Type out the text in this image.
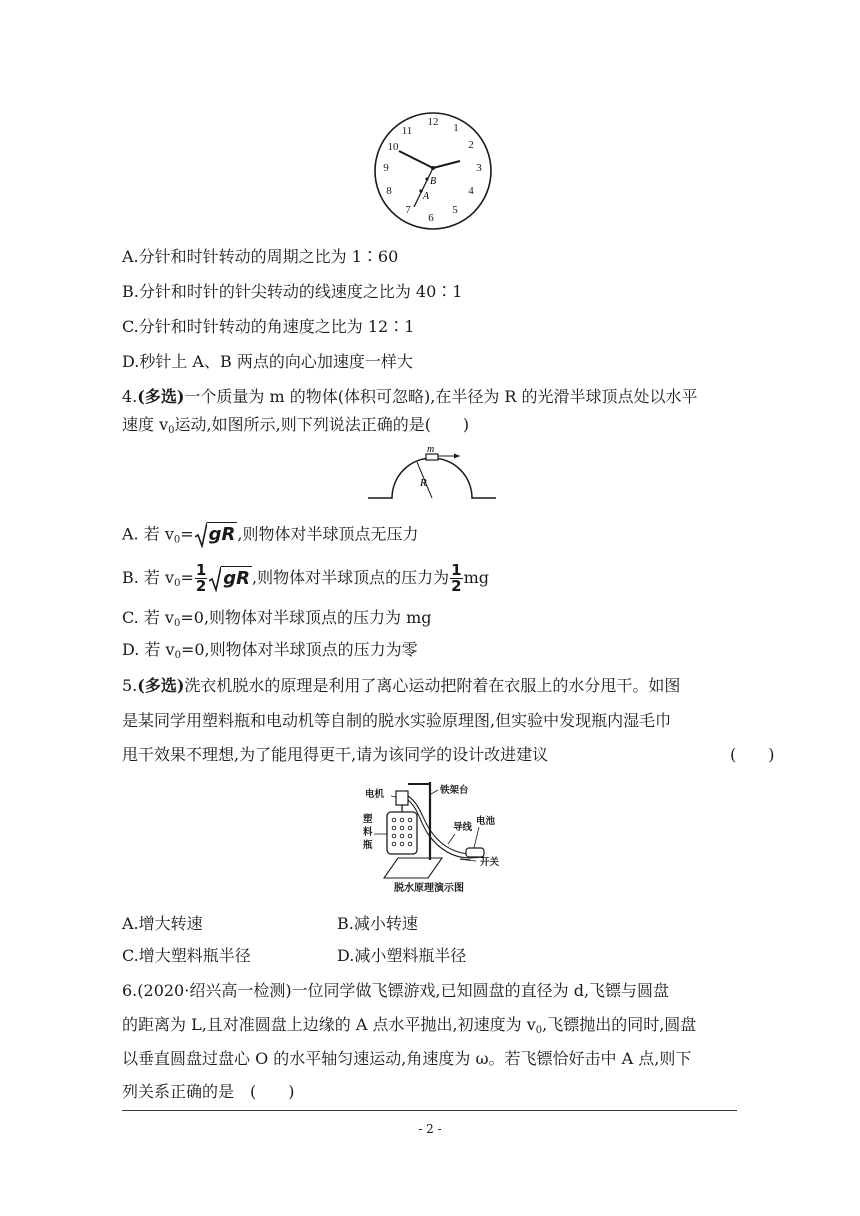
12 1
2
3
4
5
6
7
8
9
10
11
B
A
A.分针和时针转动的周期之比为 1∶60
B.分针和时针的针尖转动的线速度之比为 40∶1
C.分针和时针转动的角速度之比为 12∶1
D.秒针上 A、B 两点的向心加速度一样大
4.(多选)一个质量为 m 的物体(体积可忽略),在半径为 R 的光滑半球顶点处以水平
速度 $v_0$运动,如图所示,则下列说法正确的是(　　)
m
R
A. 若 $v_0=$ gR ,则物体对半球顶点无压力
B. 若 $v_0= \frac{1}{2}$ gR ,则物体对半球顶点的压力为 $\frac{1}{2}$ mg
C. 若 $v_0=0$,则物体对半球顶点的压力为 mg
D. 若 $v_0=0$,则物体对半球顶点的压力为零
5.(多选)洗衣机脱水的原理是利用了离心运动把附着在衣服上的水分甩干。如图
是某同学用塑料瓶和电动机等自制的脱水实验原理图,但实验中发现瓶内湿毛巾
甩干效果不理想,为了能甩得更干,请为该同学的设计改进建议	(　　)
电机	铁架台
电池
导线
塑
料
瓶
开关
脱水原理演示图
A.增大转速	B.减小转速
C.增大塑料瓶半径	D.减小塑料瓶半径
6.(2020·绍兴高一检测)一位同学做飞镖游戏,已知圆盘的直径为 d,飞镖与圆盘
的距离为 L,且对准圆盘上边缘的 A 点水平抛出,初速度为 $v_0$,飞镖抛出的同时,圆盘
以垂直圆盘过盘心 O 的水平轴匀速运动,角速度为 ω。若飞镖恰好击中 A 点,则下
列关系正确的是　(　　)
- 2 -
